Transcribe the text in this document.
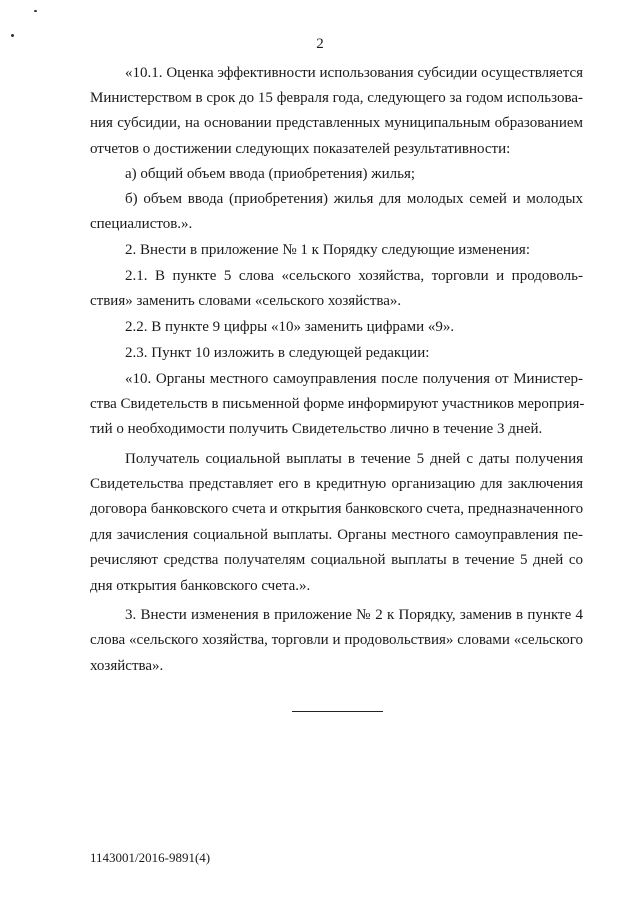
2
«10.1. Оценка эффективности использования субсидии осуществляется
Министерством в срок до 15 февраля года, следующего за годом использова-
ния субсидии, на основании представленных муниципальным образованием
отчетов о достижении следующих показателей результативности:
а) общий объем ввода (приобретения) жилья;
б) объем ввода (приобретения) жилья для молодых семей и молодых
специалистов.».
2. Внести в приложение № 1 к Порядку следующие изменения:
2.1. В пункте 5 слова «сельского хозяйства, торговли и продоволь-
ствия» заменить словами «сельского хозяйства».
2.2. В пункте 9 цифры «10» заменить цифрами «9».
2.3. Пункт 10 изложить в следующей редакции:
«10. Органы местного самоуправления после получения от Министер-
ства Свидетельств в письменной форме информируют участников мероприя-
тий о необходимости получить Свидетельство лично в течение 3 дней.
Получатель социальной выплаты в течение 5 дней с даты получения
Свидетельства представляет его в кредитную организацию для заключения
договора банковского счета и открытия банковского счета, предназначенного
для зачисления социальной выплаты. Органы местного самоуправления пе-
речисляют средства получателям социальной выплаты в течение 5 дней со
дня открытия банковского счета.».
3. Внести изменения в приложение № 2 к Порядку, заменив в пункте 4
слова «сельского хозяйства, торговли и продовольствия» словами «сельского
хозяйства».
1143001/2016-9891(4)
